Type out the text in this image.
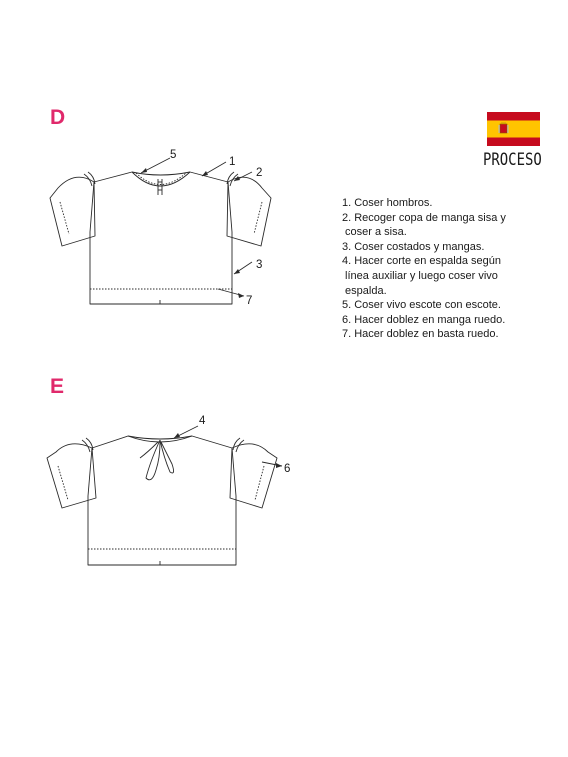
D
E
PROCESO
1. Coser hombros.
2. Recoger copa de manga sisa y
coser a sisa.
3. Coser costados y mangas.
4. Hacer corte en espalda según
línea auxiliar y luego coser vivo
espalda.
5. Coser vivo escote con escote.
6. Hacer doblez en manga ruedo.
7. Hacer doblez en basta ruedo.
5
1
2
3
7
4
6
